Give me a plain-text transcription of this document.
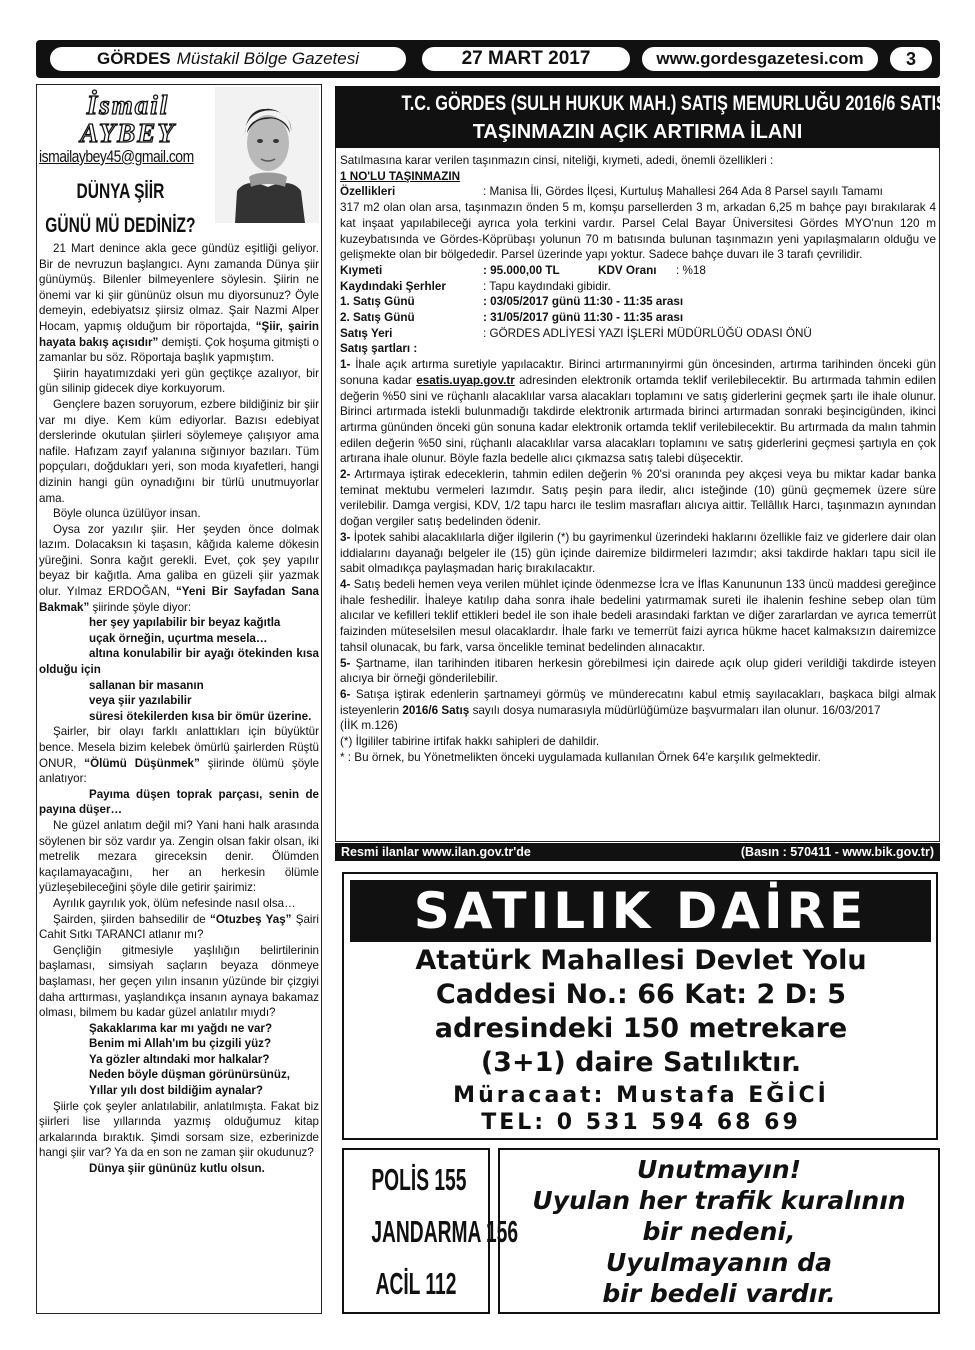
GÖRDES Müstakil Bölge Gazetesi	27 MART 2017	www.gordesgazetesi.com	3
İsmail
AYBEY
ismailaybey45@gmail.com
DÜNYA ŞİİR
GÜNÜ MÜ DEDİNİZ?

21 Mart denince akla gece gündüz eşitliği geliyor. Bir de nevruzun başlangıcı. Aynı zamanda Dünya şiir günüymüş. Bilenler bilmeyenlere söylesin. Şiirin ne önemi var ki şiir gününüz olsun mu diyorsunuz? Öyle demeyin, edebiyatsız şiirsiz olmaz. Şair Nazmi Alper Hocam, yapmış olduğum bir röportajda, “Şiir, şairin hayata bakış açısıdır” demişti. Çok hoşuma gitmişti o zamanlar bu söz. Röportaja başlık yapmıştım.

Şiirin hayatımızdaki yeri gün geçtikçe azalıyor, bir gün silinip gidecek diye korkuyorum.

Gençlere bazen soruyorum, ezbere bildiğiniz bir şiir var mı diye. Kem küm ediyorlar. Bazısı edebiyat derslerinde okutulan şiirleri söylemeye çalışıyor ama nafile. Hafızam zayıf yalanına sığınıyor bazıları. Tüm popçuları, doğdukları yeri, son moda kıyafetleri, hangi dizinin hangi gün oynadığını bir türlü unutmuyorlar ama.

Böyle olunca üzülüyor insan.

Oysa zor yazılır şiir. Her şeyden önce dolmak lazım. Dolacaksın ki taşasın, kâğıda kaleme dökesin yüreğini. Sonra kağıt gerekli. Evet, çok şey yapılır beyaz bir kağıtla. Ama galiba en güzeli şiir yazmak olur. Yılmaz ERDOĞAN, “Yeni Bir Sayfadan Sana Bakmak” şiirinde şöyle diyor:

her şey yapılabilir bir beyaz kağıtla

uçak örneğin, uçurtma mesela…

altına konulabilir bir ayağı ötekinden kısa olduğu için

sallanan bir masanın

veya şiir yazılabilir

süresi ötekilerden kısa bir ömür üzerine.

Şairler, bir olayı farklı anlattıkları için büyüktür bence. Mesela bizim kelebek ömürlü şairlerden Rüştü ONUR, “Ölümü Düşünmek” şiirinde ölümü şöyle anlatıyor:

Payıma düşen toprak parçası, senin de payına düşer…

Ne güzel anlatım değil mi? Yani hani halk arasında söylenen bir söz vardır ya. Zengin olsan fakir olsan, iki metrelik mezara gireceksin denir. Ölümden kaçılamayacağını, her an herkesin ölümle yüzleşebileceğini şöyle dile getirir şairimiz:

Ayrılık gayrılık yok, ölüm nefesinde nasıl olsa…

Şairden, şiirden bahsedilir de “Otuzbeş Yaş” Şairi Cahit Sıtkı TARANCI atlanır mı?

Gençliğin gitmesiyle yaşlılığın belirtilerinin başlaması, simsiyah saçların beyaza dönmeye başlaması, her geçen yılın insanın yüzünde bir çizgiyi daha arttırması, yaşlandıkça insanın aynaya bakamaz olması, bilmem bu kadar güzel anlatılır mıydı?

Şakaklarıma kar mı yağdı ne var?

Benim mi Allah'ım bu çizgili yüz?

Ya gözler altındaki mor halkalar?

Neden böyle düşman görünürsünüz,

Yıllar yılı dost bildiğim aynalar?

Şiirle çok şeyler anlatılabilir, anlatılmışta. Fakat biz şiirleri lise yıllarında yazmış olduğumuz kitap arkalarında bıraktık. Şimdi sorsam size, ezberinizde hangi şiir var? Ya da en son ne zaman şiir okudunuz?

Dünya şiir gününüz kutlu olsun.

T.C. GÖRDES (SULH HUKUK MAH.) SATIŞ MEMURLUĞU 2016/6 SATIŞ
TAŞINMAZIN AÇIK ARTIRMA İLANI
Satılmasına karar verilen taşınmazın cinsi, niteliği, kıymeti, adedi, önemli özellikleri :
1 NO'LU TAŞINMAZIN
Özellikleri	: Manisa İli, Gördes İlçesi, Kurtuluş Mahallesi 264 Ada 8 Parsel sayılı Tamamı
317 m2 olan olan arsa, taşınmazın önden 5 m, komşu parsellerden 3 m, arkadan 6,25 m bahçe payı bırakılarak 4 kat inşaat yapılabileceği ayrıca yola terkini vardır. Parsel Celal Bayar Üniversitesi Gördes MYO'nun 120 m kuzeybatısında ve Gördes-Köprübaşı yolunun 70 m batısında bulunan taşınmazın yeni yapılaşmaların olduğu ve gelişmekte olan bir bölgededir. Parsel üzerinde yapı yoktur. Sadece bahçe duvarı ile 3 tarafı çevrilidir.
Kıymeti	: 95.000,00 TL	KDV Oranı	: %18
Kaydındaki Şerhler	: Tapu kaydındaki gibidir.
1. Satış Günü	: 03/05/2017 günü 11:30 - 11:35 arası
2. Satış Günü	: 31/05/2017 günü 11:30 - 11:35 arası
Satış Yeri	: GÖRDES ADLİYESİ YAZI İŞLERİ MÜDÜRLÜĞÜ ODASI ÖNÜ
Satış şartları :
1- İhale açık artırma suretiyle yapılacaktır. Birinci artırmanınyirmi gün öncesinden, artırma tarihinden önceki gün sonuna kadar esatis.uyap.gov.tr adresinden elektronik ortamda teklif verilebilecektir. Bu artırmada tahmin edilen değerin %50 sini ve rüçhanlı alacaklılar varsa alacakları toplamını ve satış giderlerini geçmek şartı ile ihale olunur. Birinci artırmada istekli bulunmadığı takdirde elektronik artırmada birinci artırmadan sonraki beşincigünden, ikinci artırma gününden önceki gün sonuna kadar elektronik ortamda teklif verilebilecektir. Bu artırmada da malın tahmin edilen değerin %50 sini, rüçhanlı alacaklılar varsa alacakları toplamını ve satış giderlerini geçmesi şartıyla en çok artırana ihale olunur. Böyle fazla bedelle alıcı çıkmazsa satış talebi düşecektir.
2- Artırmaya iştirak edeceklerin, tahmin edilen değerin % 20'si oranında pey akçesi veya bu miktar kadar banka teminat mektubu vermeleri lazımdır. Satış peşin para iledir, alıcı isteğinde (10) günü geçmemek üzere süre verilebilir. Damga vergisi, KDV, 1/2 tapu harcı ile teslim masrafları alıcıya aittir. Tellâllık Harcı, taşınmazın aynından doğan vergiler satış bedelinden ödenir.
3- İpotek sahibi alacaklılarla diğer ilgilerin (*) bu gayrimenkul üzerindeki haklarını özellikle faiz ve giderlere dair olan iddialarını dayanağı belgeler ile (15) gün içinde dairemize bildirmeleri lazımdır; aksi takdirde hakları tapu sicil ile sabit olmadıkça paylaşmadan hariç bırakılacaktır.
4- Satış bedeli hemen veya verilen mühlet içinde ödenmezse İcra ve İflas Kanununun 133 üncü maddesi gereğince ihale feshedilir. İhaleye katılıp daha sonra ihale bedelini yatırmamak sureti ile ihalenin feshine sebep olan tüm alıcılar ve kefilleri teklif ettikleri bedel ile son ihale bedeli arasındaki farktan ve diğer zararlardan ve ayrıca temerrüt faizinden müteselsilen mesul olacaklardır. İhale farkı ve temerrüt faizi ayrıca hükme hacet kalmaksızın dairemizce tahsil olunacak, bu fark, varsa öncelikle teminat bedelinden alınacaktır.
5- Şartname, ilan tarihinden itibaren herkesin görebilmesi için dairede açık olup gideri verildiği takdirde isteyen alıcıya bir örneği gönderilebilir.
6- Satışa iştirak edenlerin şartnameyi görmüş ve münderecatını kabul etmiş sayılacakları, başkaca bilgi almak isteyenlerin 2016/6 Satış sayılı dosya numarasıyla müdürlüğümüze başvurmaları ilan olunur. 16/03/2017
(İİK m.126)
(*) İlgililer tabirine irtifak hakkı sahipleri de dahildir.
* : Bu örnek, bu Yönetmelikten önceki uygulamada kullanılan Örnek 64'e karşılık gelmektedir.
Resmi ilanlar www.ilan.gov.tr'de	(Basın : 570411 - www.bik.gov.tr)
SATILIK DAİRE
Atatürk Mahallesi Devlet Yolu
Caddesi No.: 66 Kat: 2 D: 5
adresindeki 150 metrekare
(3+1) daire Satılıktır.
Müracaat: Mustafa EĞİCİ
TEL: 0 531 594 68 69
POLİS 155
JANDARMA 156
ACİL 112
Unutmayın!
Uyulan her trafik kuralının
bir nedeni,
Uyulmayanın da
bir bedeli vardır.
